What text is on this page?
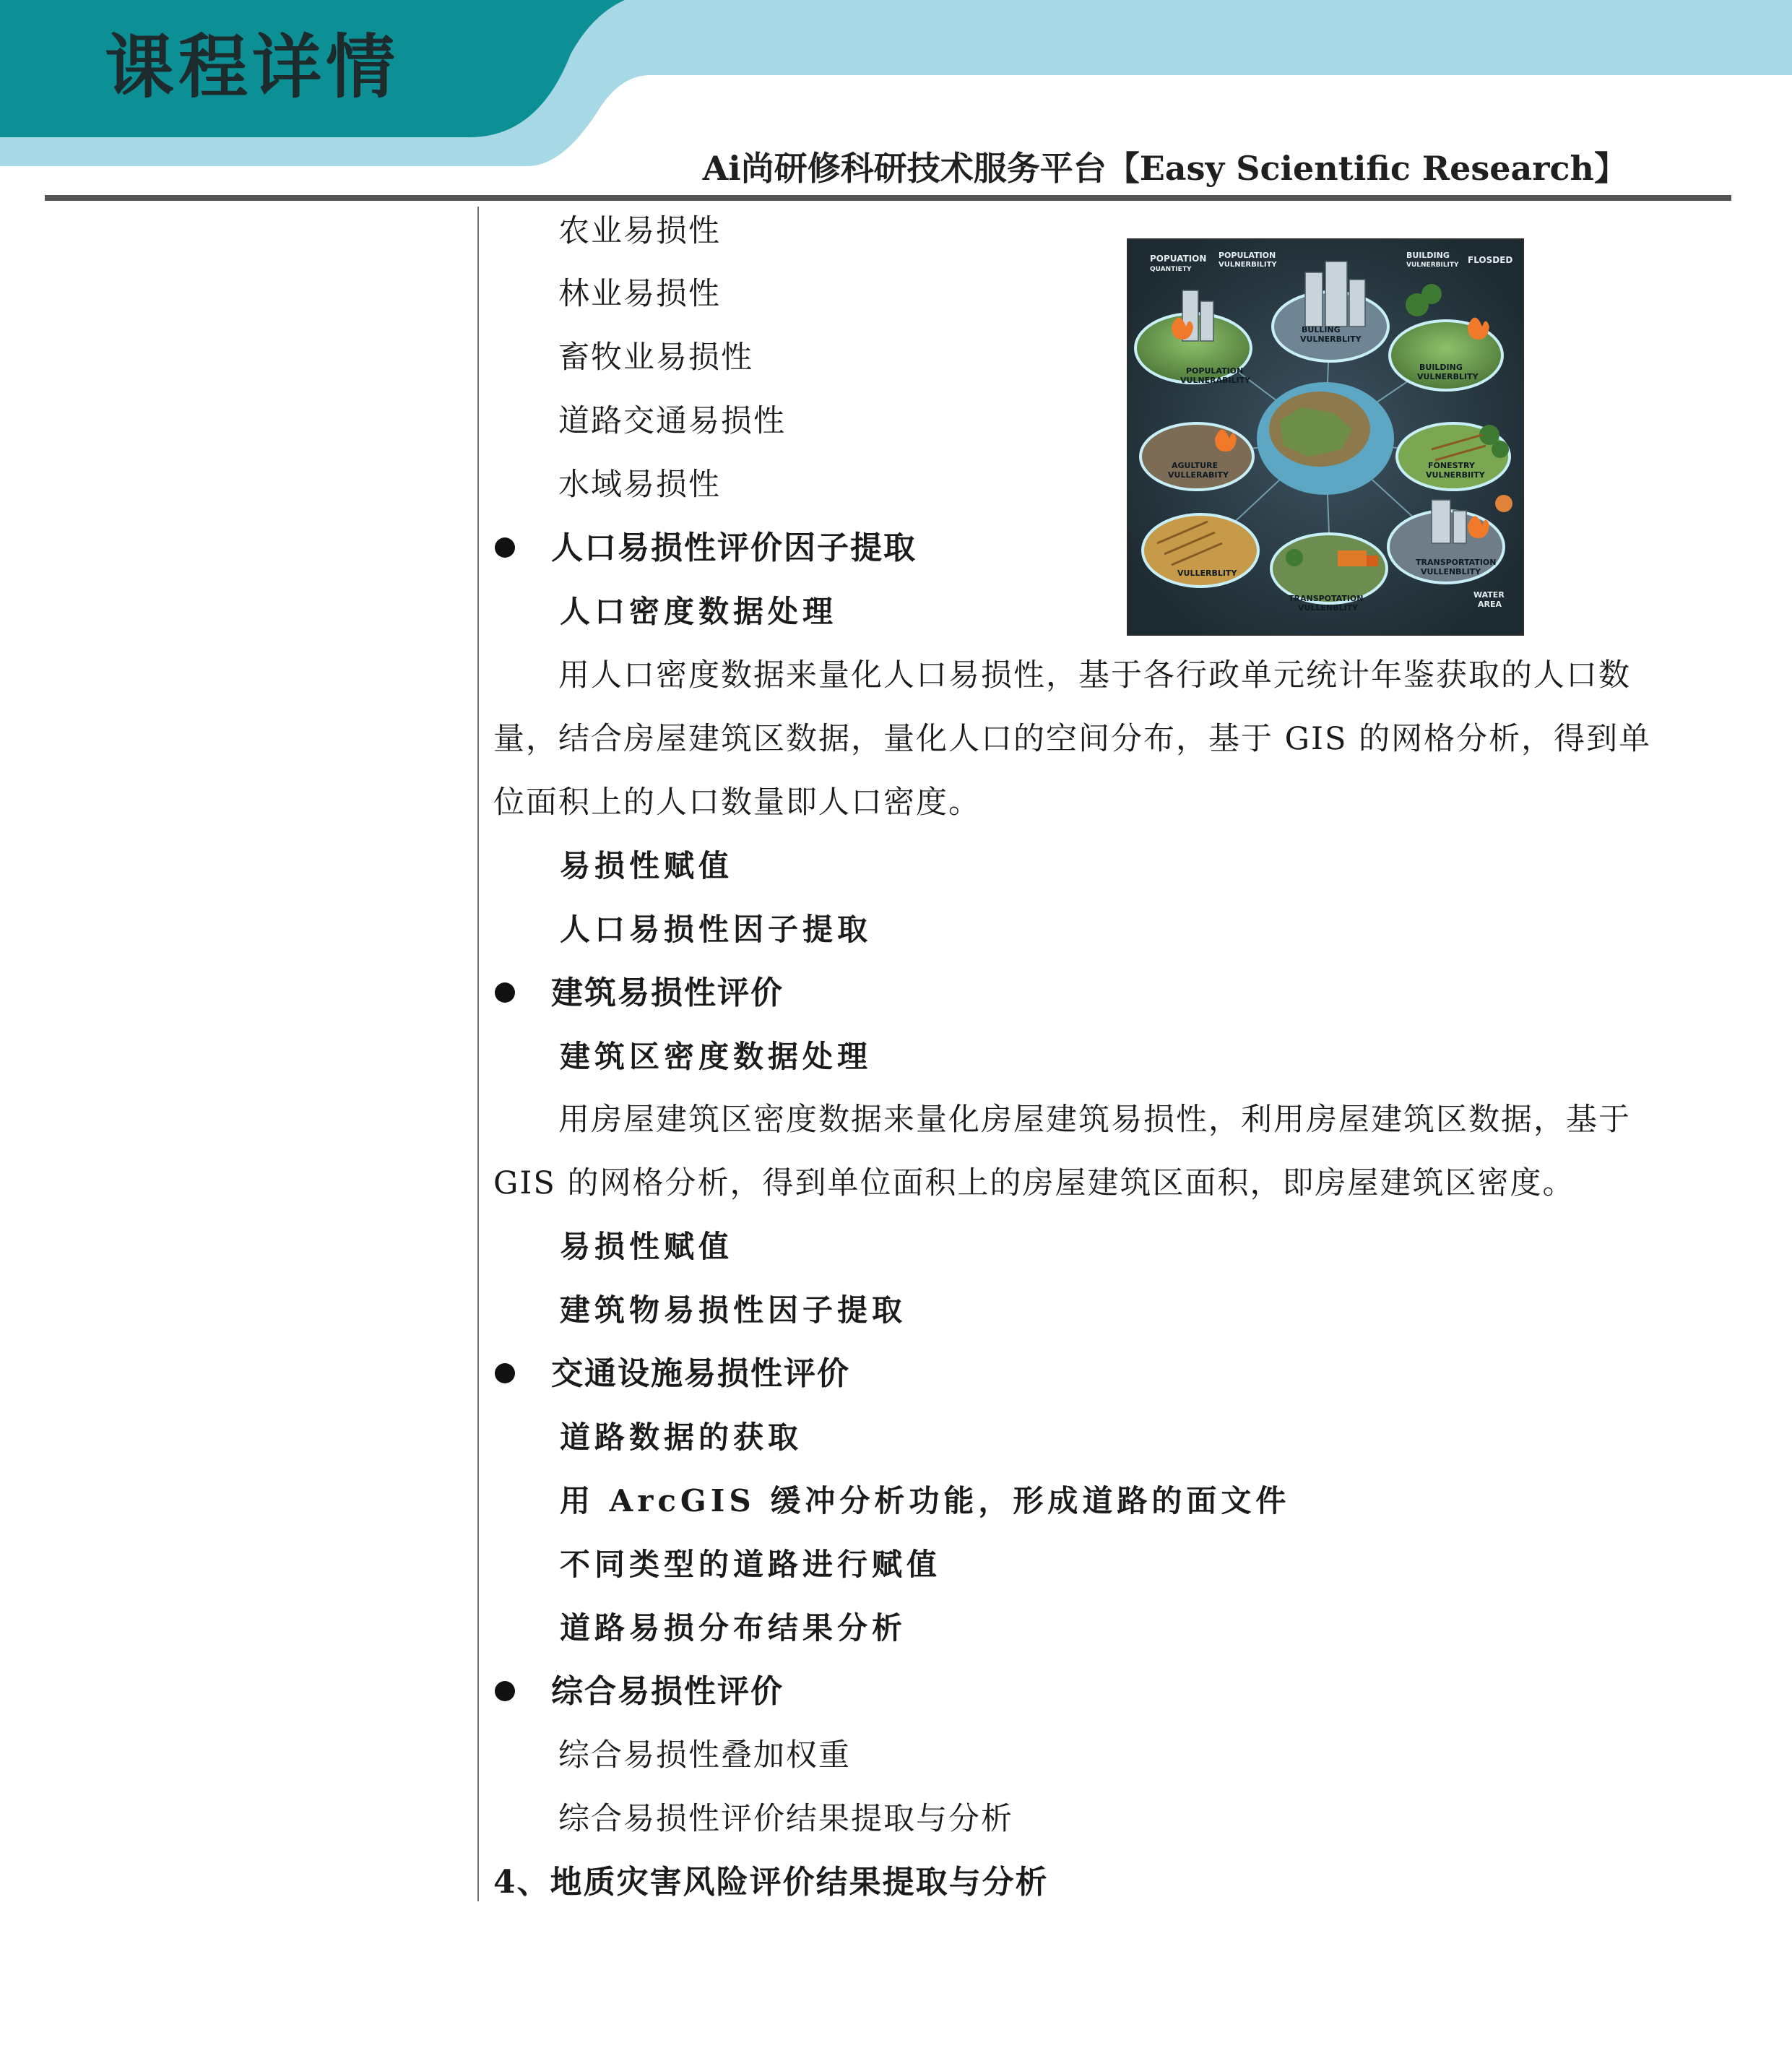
课程详情
Ai尚研修科研技术服务平台【Easy Scientific Research】
农业易损性
林业易损性
畜牧业易损性
道路交通易损性
水域易损性
人口易损性评价因子提取
人口密度数据处理
用人口密度数据来量化人口易损性，基于各行政单元统计年鉴获取的人口数
量，结合房屋建筑区数据，量化人口的空间分布，基于 GIS 的网格分析，得到单
位面积上的人口数量即人口密度。
易损性赋值
人口易损性因子提取
建筑易损性评价
建筑区密度数据处理
用房屋建筑区密度数据来量化房屋建筑易损性，利用房屋建筑区数据，基于
GIS 的网格分析，得到单位面积上的房屋建筑区面积，即房屋建筑区密度。
易损性赋值
建筑物易损性因子提取
交通设施易损性评价
道路数据的获取
用 ArcGIS 缓冲分析功能，形成道路的面文件
不同类型的道路进行赋值
道路易损分布结果分析
综合易损性评价
综合易损性叠加权重
综合易损性评价结果提取与分析
4、地质灾害风险评价结果提取与分析
POPUATION
QUANTIETY
POPULATION
VULNERBILITY
BUILDING
VULNERBILITY FLOSDED
BULLING
VULNERBLITY
POPULATION
VULNERABILITY
BUILDING
VULNERBLITY
AGULTURE
VULLERABITY
FONESTRY
VULNERBIITY
VULLERBLITY
TRANSPORTATION
VULLENBLITY
TRANSPOTATION
VULLENBLITY
WATER
AREA
